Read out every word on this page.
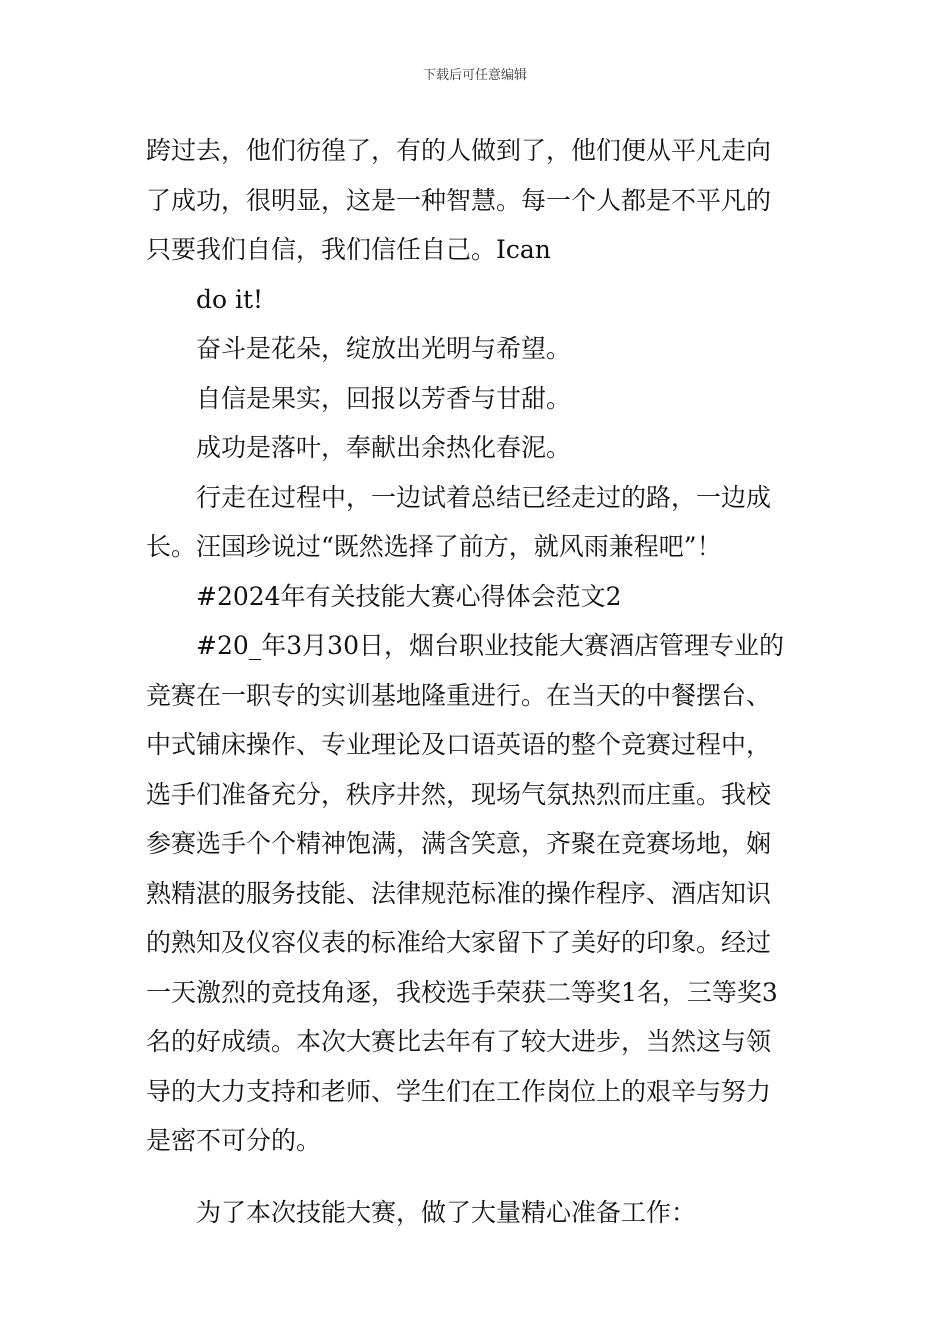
下载后可任意编辑

跨过去，他们彷徨了，有的人做到了，他们便从平凡走向

了成功，很明显，这是一种智慧。每一个人都是不平凡的

只要我们自信，我们信任自己。Ican

do it!

奋斗是花朵，绽放出光明与希望。

自信是果实，回报以芳香与甘甜。

成功是落叶，奉献出余热化春泥。

行走在过程中，一边试着总结已经走过的路，一边成

长。汪国珍说过“既然选择了前方，就风雨兼程吧”！

#2024年有关技能大赛心得体会范文2

#20_年3月30日，烟台职业技能大赛酒店管理专业的

竞赛在一职专的实训基地隆重进行。在当天的中餐摆台、

中式铺床操作、专业理论及口语英语的整个竞赛过程中，

选手们准备充分，秩序井然，现场气氛热烈而庄重。我校

参赛选手个个精神饱满，满含笑意，齐聚在竞赛场地，娴

熟精湛的服务技能、法律规范标准的操作程序、酒店知识

的熟知及仪容仪表的标准给大家留下了美好的印象。经过

一天激烈的竞技角逐，我校选手荣获二等奖1名，三等奖3

名的好成绩。本次大赛比去年有了较大进步，当然这与领

导的大力支持和老师、学生们在工作岗位上的艰辛与努力

是密不可分的。

为了本次技能大赛，做了大量精心准备工作：
